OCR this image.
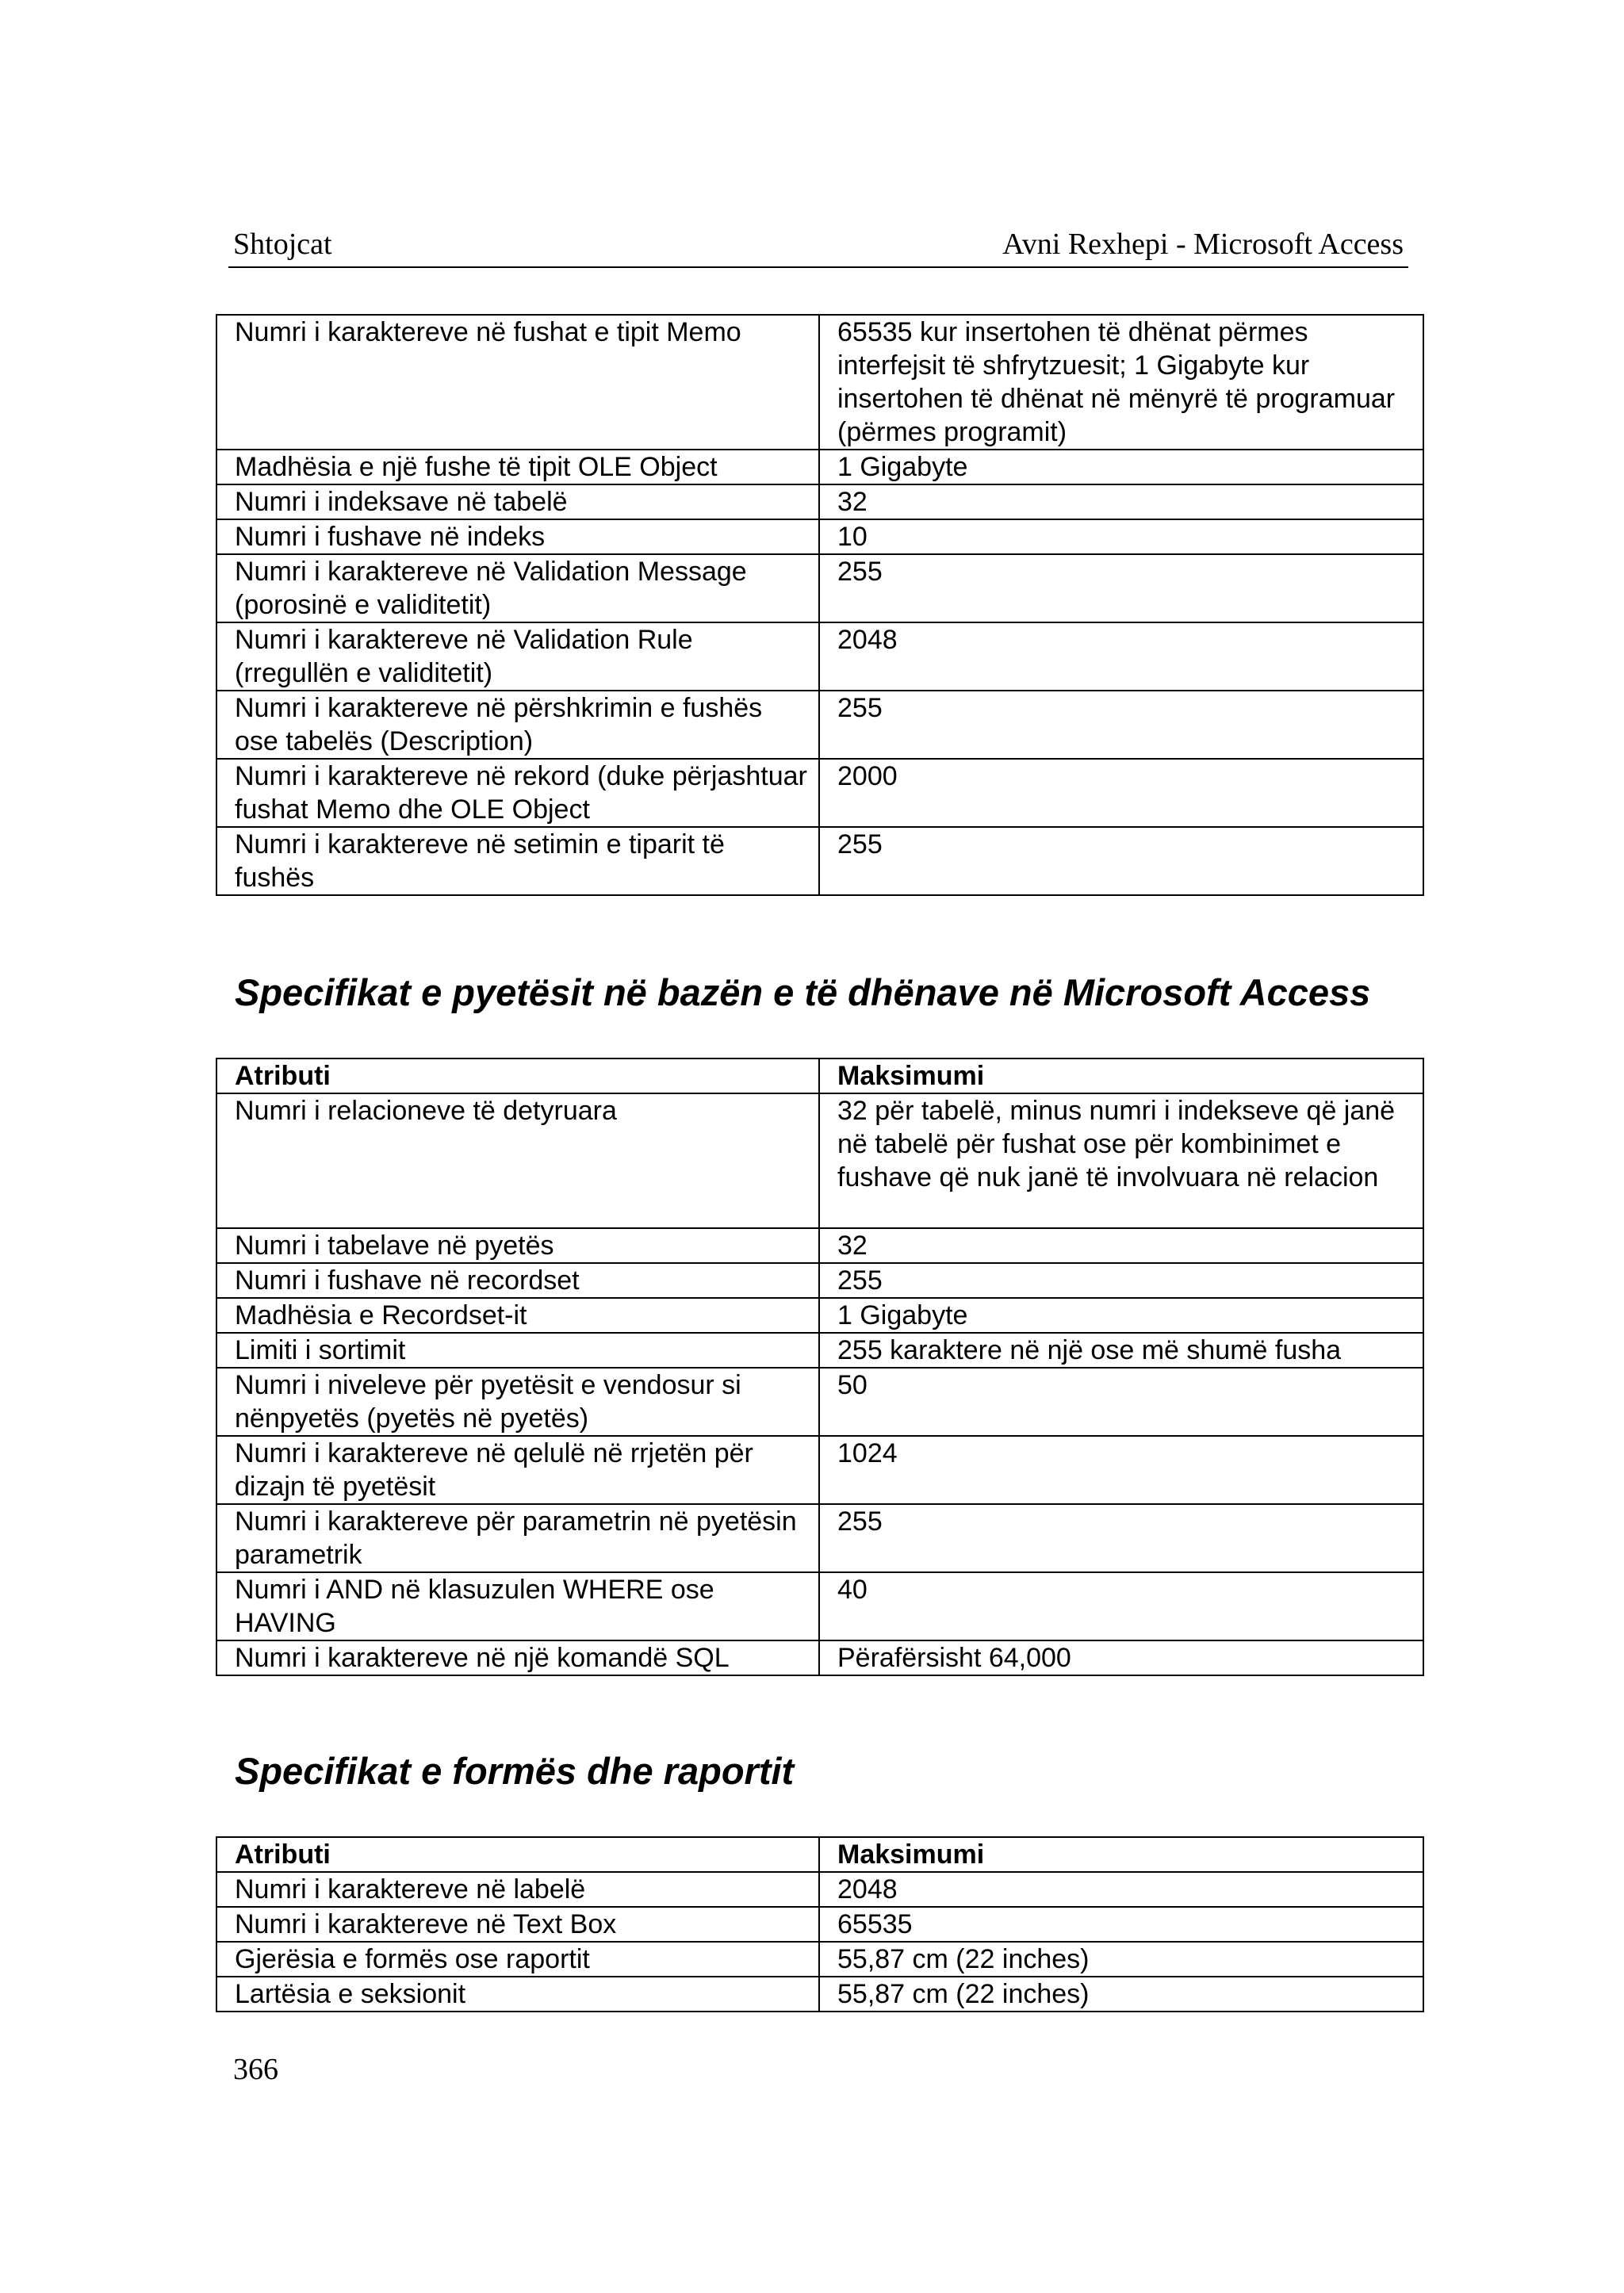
Shtojcat	Avni Rexhepi - Microsoft Access
Numri i karaktereve në fushat e tipit Memo	65535 kur insertohen të dhënat përmes interfejsit të shfrytzuesit; 1 Gigabyte kur insertohen të dhënat në mënyrë të programuar (përmes programit)
Madhësia e një fushe të tipit OLE Object	1 Gigabyte
Numri i indeksave në tabelë	32
Numri i fushave në indeks	10
Numri i karaktereve në Validation Message (porosinë e validitetit)	255
Numri i karaktereve në Validation Rule (rregullën e validitetit)	2048
Numri i karaktereve në përshkrimin e fushës ose tabelës (Description)	255
Numri i karaktereve në rekord (duke përjashtuar fushat Memo dhe OLE Object	2000
Numri i karaktereve në setimin e tiparit të fushës	255
Specifikat e pyetësit në bazën e të dhënave në Microsoft Access
Atributi	Maksimumi
Numri i relacioneve të detyruara	32 për tabelë, minus numri i indekseve që janë në tabelë për fushat ose për kombinimet e fushave që nuk janë të involvuara në relacion
Numri i tabelave në pyetës	32
Numri i fushave në recordset	255
Madhësia e Recordset-it	1 Gigabyte
Limiti i sortimit	255 karaktere në një ose më shumë fusha
Numri i niveleve për pyetësit e vendosur si nënpyetës (pyetës në pyetës)	50
Numri i karaktereve në qelulë në rrjetën për dizajn të pyetësit	1024
Numri i karaktereve për parametrin në pyetësin parametrik	255
Numri i AND në klasuzulen WHERE ose HAVING	40
Numri i karaktereve në një komandë SQL	Përafërsisht 64,000
Specifikat e formës dhe raportit
Atributi	Maksimumi
Numri i karaktereve në labelë	2048
Numri i karaktereve në Text Box	65535
Gjerësia e formës ose raportit	55,87 cm (22 inches)
Lartësia e seksionit	55,87 cm (22 inches)
366
